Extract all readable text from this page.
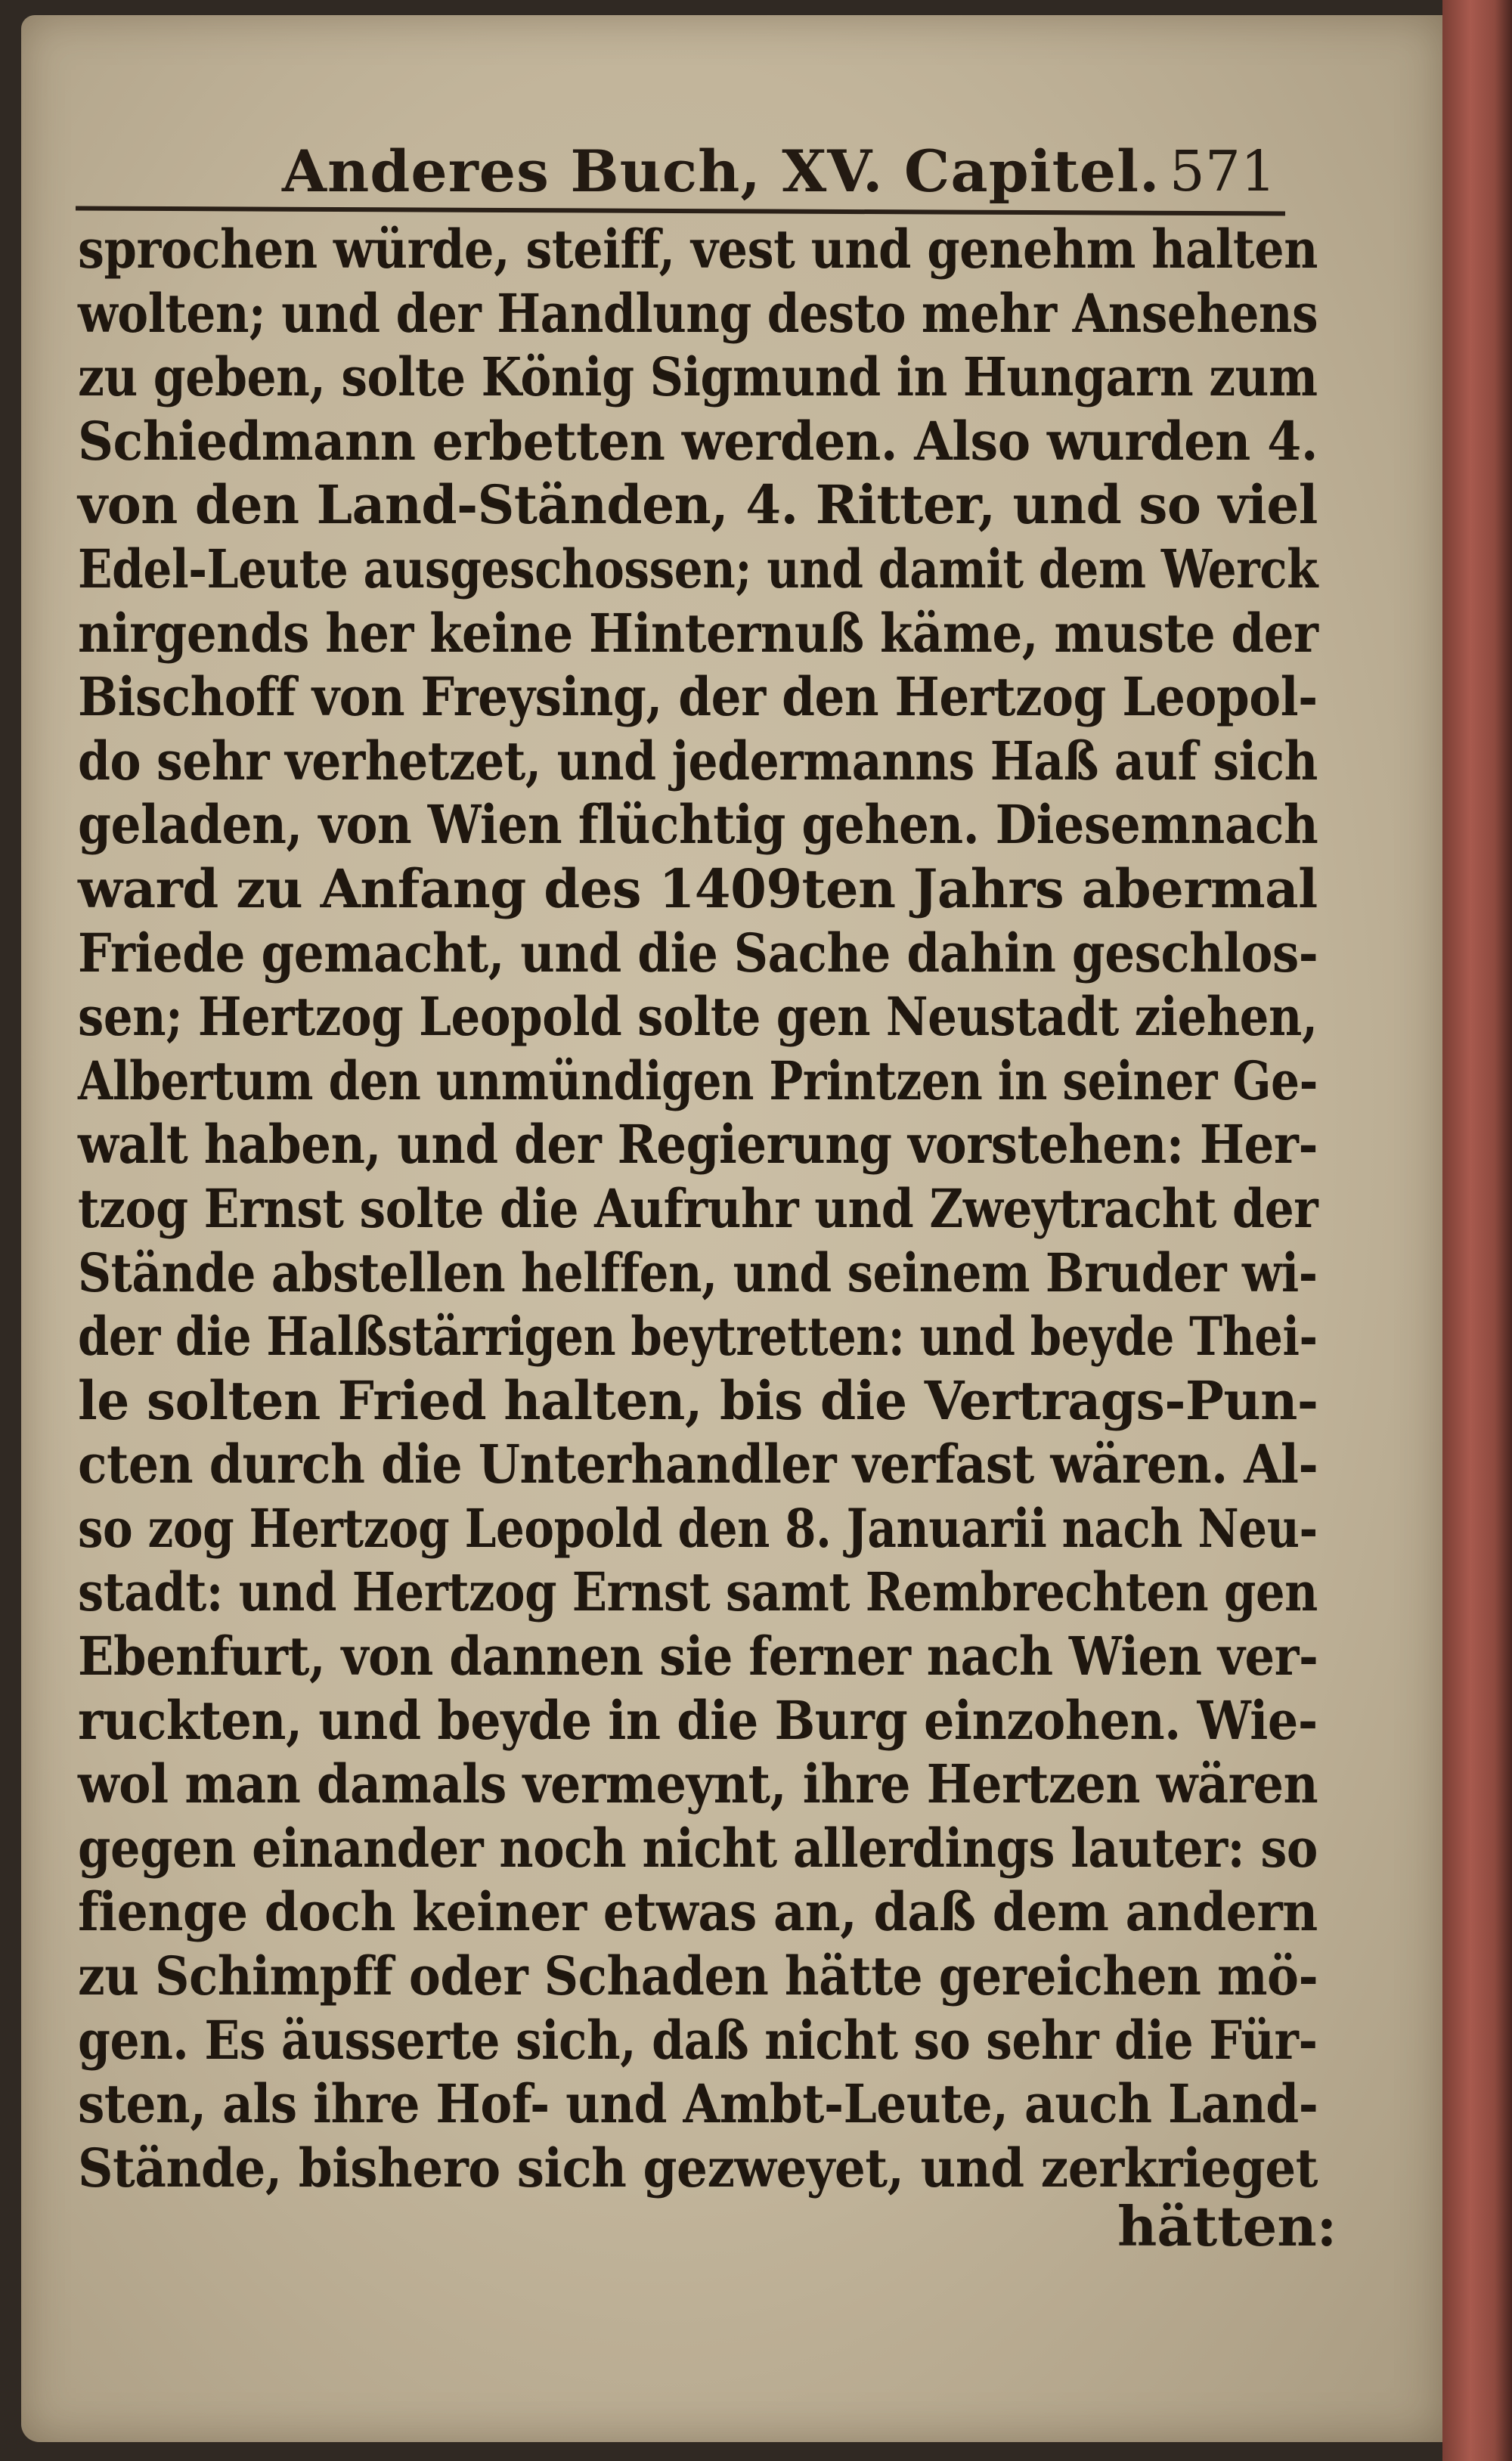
Anderes Buch, XV. Capitel. 571
sprochen würde, steiff, vest und genehm halten
wolten; und der Handlung desto mehr Ansehens
zu geben, solte König Sigmund in Hungarn zum
Schiedmann erbetten werden. Also wurden 4.
von den Land-Ständen, 4. Ritter, und so viel
Edel-Leute ausgeschossen; und damit dem Werck
nirgends her keine Hinternuß käme, muste der
Bischoff von Freysing, der den Hertzog Leopol-
do sehr verhetzet, und jedermanns Haß auf sich
geladen, von Wien flüchtig gehen. Diesemnach
ward zu Anfang des 1409ten Jahrs abermal
Friede gemacht, und die Sache dahin geschlos-
sen; Hertzog Leopold solte gen Neustadt ziehen,
Albertum den unmündigen Printzen in seiner Ge-
walt haben, und der Regierung vorstehen: Her-
tzog Ernst solte die Aufruhr und Zweytracht der
Stände abstellen helffen, und seinem Bruder wi-
der die Halßstärrigen beytretten: und beyde Thei-
le solten Fried halten, bis die Vertrags-Pun-
cten durch die Unterhandler verfast wären. Al-
so zog Hertzog Leopold den 8. Januarii nach Neu-
stadt: und Hertzog Ernst samt Rembrechten gen
Ebenfurt, von dannen sie ferner nach Wien ver-
ruckten, und beyde in die Burg einzohen. Wie-
wol man damals vermeynt, ihre Hertzen wären
gegen einander noch nicht allerdings lauter: so
fienge doch keiner etwas an, daß dem andern
zu Schimpff oder Schaden hätte gereichen mö-
gen. Es äusserte sich, daß nicht so sehr die Für-
sten, als ihre Hof- und Ambt-Leute, auch Land-
Stände, bishero sich gezweyet, und zerkrieget
hätten:
